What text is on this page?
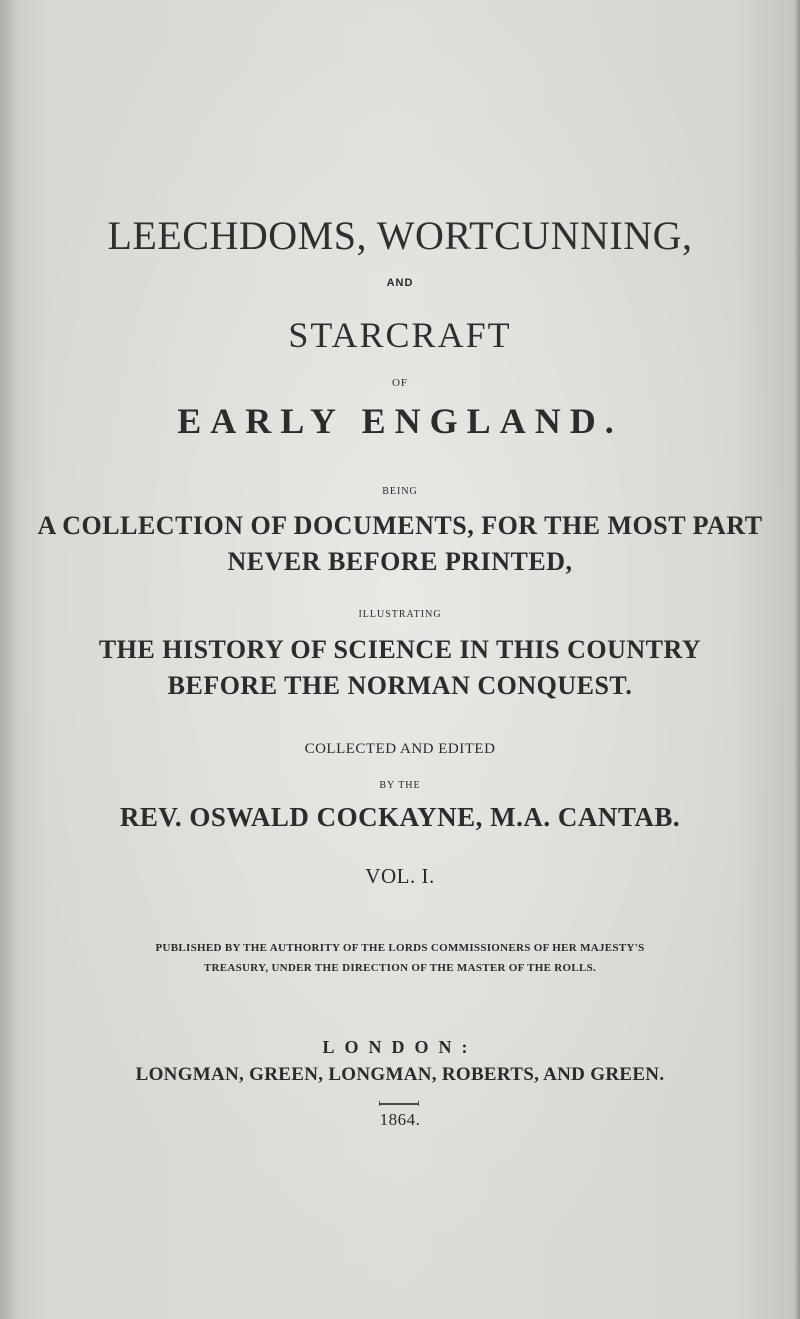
LEECHDOMS, WORTCUNNING,
AND
STARCRAFT
OF
EARLY ENGLAND.
BEING
A COLLECTION OF DOCUMENTS, FOR THE MOST PART
NEVER BEFORE PRINTED,
ILLUSTRATING
THE HISTORY OF SCIENCE IN THIS COUNTRY
BEFORE THE NORMAN CONQUEST.
COLLECTED AND EDITED
BY THE
REV. OSWALD COCKAYNE, M.A. CANTAB.
VOL. I.
PUBLISHED BY THE AUTHORITY OF THE LORDS COMMISSIONERS OF HER MAJESTY'S
TREASURY, UNDER THE DIRECTION OF THE MASTER OF THE ROLLS.
LONDON:
LONGMAN, GREEN, LONGMAN, ROBERTS, AND GREEN.
1864.
